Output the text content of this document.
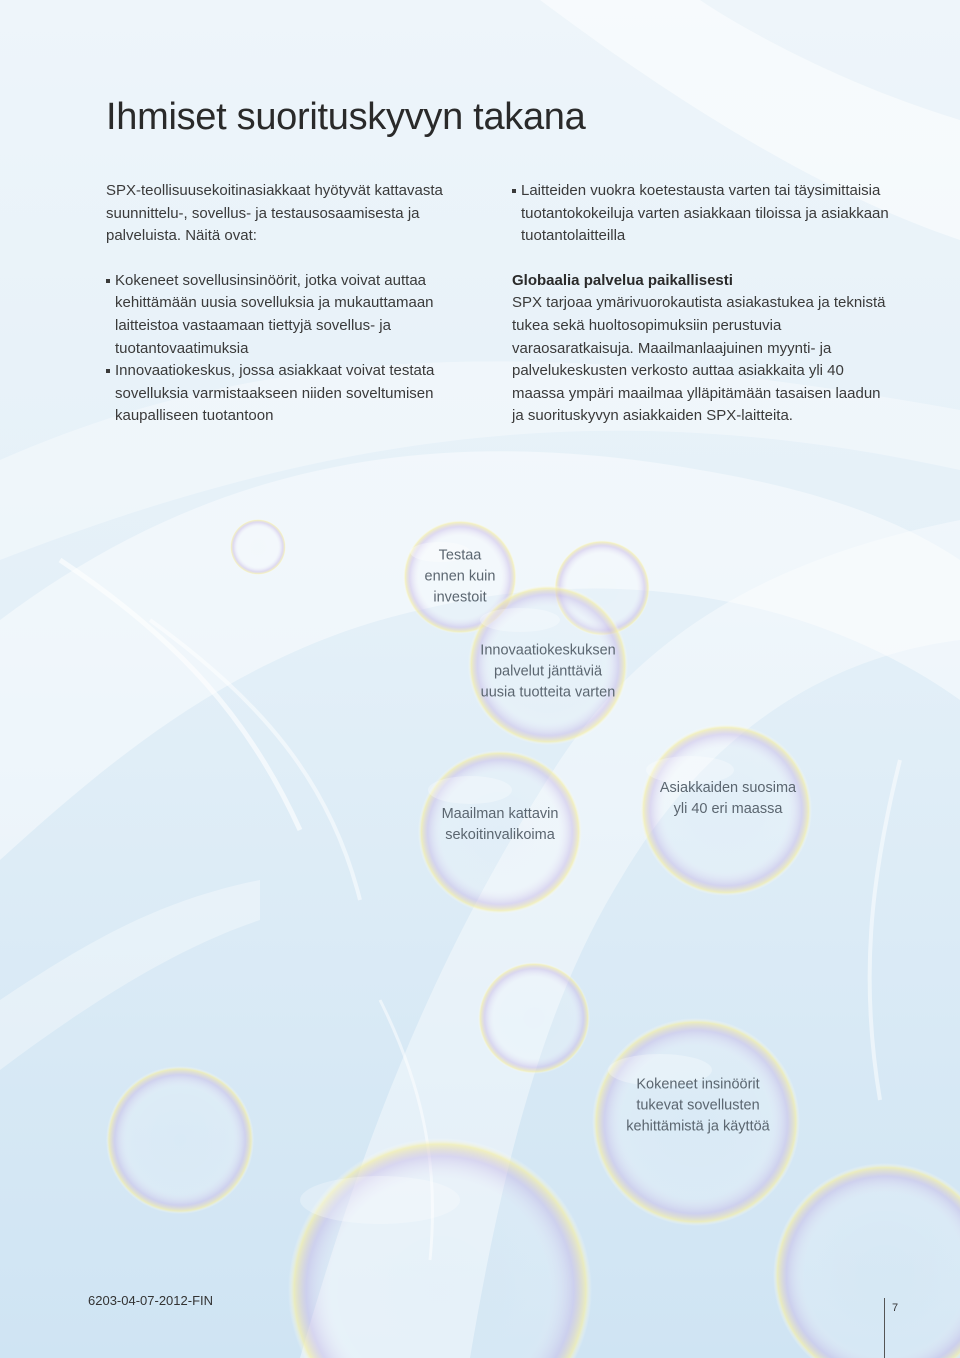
Ihmiset suorituskyvyn takana

SPX-teollisuusekoitinasiakkaat hyötyvät kattavasta suunnittelu-, sovellus- ja testausosaamisesta ja palveluista. Näitä ovat:

Kokeneet sovellusinsinöörit, jotka voivat auttaa kehittämään uusia sovelluksia ja mukauttamaan laitteistoa vastaamaan tiettyjä sovellus- ja tuotantovaatimuksia
Innovaatiokeskus, jossa asiakkaat voivat testata sovelluksia varmistaakseen niiden soveltumisen kaupalliseen tuotantoon
Laitteiden vuokra koetestausta varten tai täysimittaisia tuotantokokeiluja varten asiakkaan tiloissa ja asiakkaan tuotantolaitteilla
Globaalia palvelua paikallisesti

SPX tarjoaa ymärivuorokautista asiakastukea ja teknistä tukea sekä huoltosopimuksiin perustuvia varaosaratkaisuja. Maailmanlaajuinen myynti- ja palvelukeskusten verkosto auttaa asiakkaita yli 40 maassa ympäri maailmaa ylläpitämään tasaisen laadun ja suorituskyvyn asiakkaiden SPX-laitteita.

Testaa
ennen kuin
investoit
Innovaatiokeskuksen
palvelut jänttäviä
uusia tuotteita varten
Maailman kattavin
sekoitinvalikoima
Asiakkaiden suosima
yli 40 eri maassa
Kokeneet insinöörit
tukevat sovellusten
kehittämistä ja käyttöä
6203-04-07-2012-FIN	7
